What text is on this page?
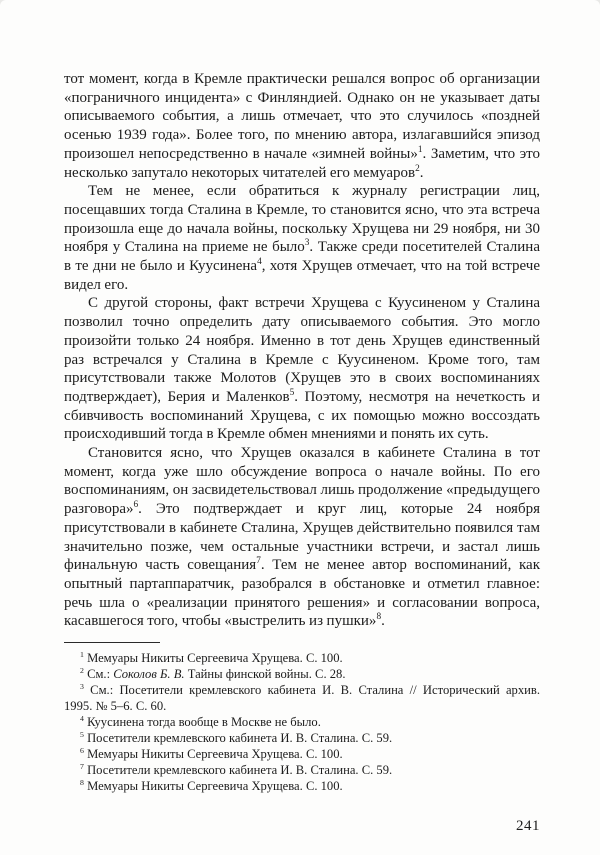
тот момент, когда в Кремле практически решался вопрос об организации «пограничного инцидента» с Финляндией. Однако он не указывает даты описываемого события, а лишь отмечает, что это случилось «поздней осенью 1939 года». Более того, по мнению автора, излагавшийся эпизод произошел непосредственно в начале «зимней войны»$^1$. Заметим, что это несколько запутало некоторых читателей его мемуаров$^2$.

Тем не менее, если обратиться к журналу регистрации лиц, посещавших тогда Сталина в Кремле, то становится ясно, что эта встреча произошла еще до начала войны, поскольку Хрущева ни 29 ноября, ни 30 ноября у Сталина на приеме не было$^3$. Также среди посетителей Сталина в те дни не было и Куусинена$^4$, хотя Хрущев отмечает, что на той встрече видел его.

С другой стороны, факт встречи Хрущева с Куусиненом у Сталина позволил точно определить дату описываемого события. Это могло произойти только 24 ноября. Именно в тот день Хрущев единственный раз встречался у Сталина в Кремле с Куусиненом. Кроме того, там присутствовали также Молотов (Хрущев это в своих воспоминаниях подтверждает), Берия и Маленков$^5$. Поэтому, несмотря на нечеткость и сбивчивость воспоминаний Хрущева, с их помощью можно воссоздать происходивший тогда в Кремле обмен мнениями и понять их суть.

Становится ясно, что Хрущев оказался в кабинете Сталина в тот момент, когда уже шло обсуждение вопроса о начале войны. По его воспоминаниям, он засвидетельствовал лишь продолжение «предыдущего разговора»$^6$. Это подтверждает и круг лиц, которые 24 ноября присутствовали в кабинете Сталина, Хрущев действительно появился там значительно позже, чем остальные участники встречи, и застал лишь финальную часть совещания$^7$. Тем не менее автор воспоминаний, как опытный партаппаратчик, разобрался в обстановке и отметил главное: речь шла о «реализации принятого решения» и согласовании вопроса, касавшегося того, чтобы «выстрелить из пушки»$^8$.

$^1$ Мемуары Никиты Сергеевича Хрущева. С. 100.

$^2$ См.: Соколов Б. В. Тайны финской войны. С. 28.

$^3$ См.: Посетители кремлевского кабинета И. В. Сталина // Исторический архив. 1995. № 5–6. С. 60.

$^4$ Куусинена тогда вообще в Москве не было.

$^5$ Посетители кремлевского кабинета И. В. Сталина. С. 59.

$^6$ Мемуары Никиты Сергеевича Хрущева. С. 100.

$^7$ Посетители кремлевского кабинета И. В. Сталина. С. 59.

$^8$ Мемуары Никиты Сергеевича Хрущева. С. 100.

241
